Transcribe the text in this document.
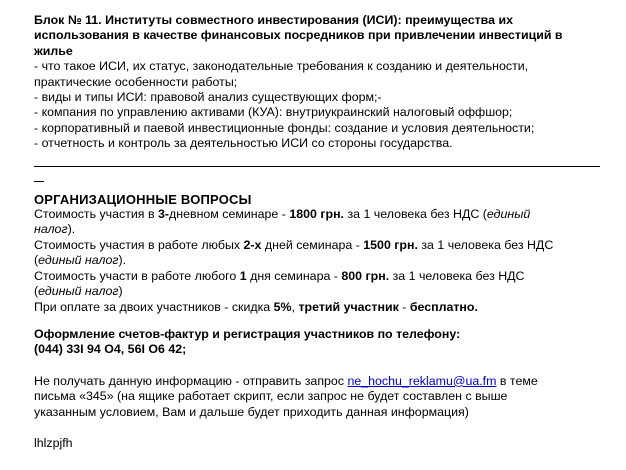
Блок № 11. Институты совместного инвестирования (ИСИ): преимущества их
использования в качестве финансовых посредников при привлечении инвестиций в
жилье
- что такое ИСИ, их статус, законодательные требования к созданию и деятельности,
практические особенности работы;
- виды и типы ИСИ: правовой анализ существующих форм;-
- компания по управлению активами (КУА): внутриукраинский налоговый оффшор;
- корпоративный и паевой инвестиционные фонды: создание и условия деятельности;
- отчетность и контроль за деятельностью ИСИ со стороны государства.
ОРГАНИЗАЦИОННЫЕ ВОПРОСЫ
Стоимость участия в 3-дневном семинаре - 1800 грн. за 1 человека без НДС (единый
налог).
Стоимость участия в работе любых 2-х дней семинара - 1500 грн. за 1 человека без НДС
(единый налог).
Стоимость участи в работе любого 1 дня семинара - 800 грн. за 1 человека без НДС
(единый налог)
При оплате за двоих участников - скидка 5%, третий участник - бесплатно.
Оформление счетов-фактур и регистрация участников по телефону:
(044) 33I 94 O4, 56I O6 42;
Не получать данную информацию - отправить запрос ne_hochu_reklamu@ua.fm в теме
письма «345» (на ящике работает скрипт, если запрос не будет составлен с выше
указанным условием, Вам и дальше будет приходить данная информация)
lhlzpjfh
